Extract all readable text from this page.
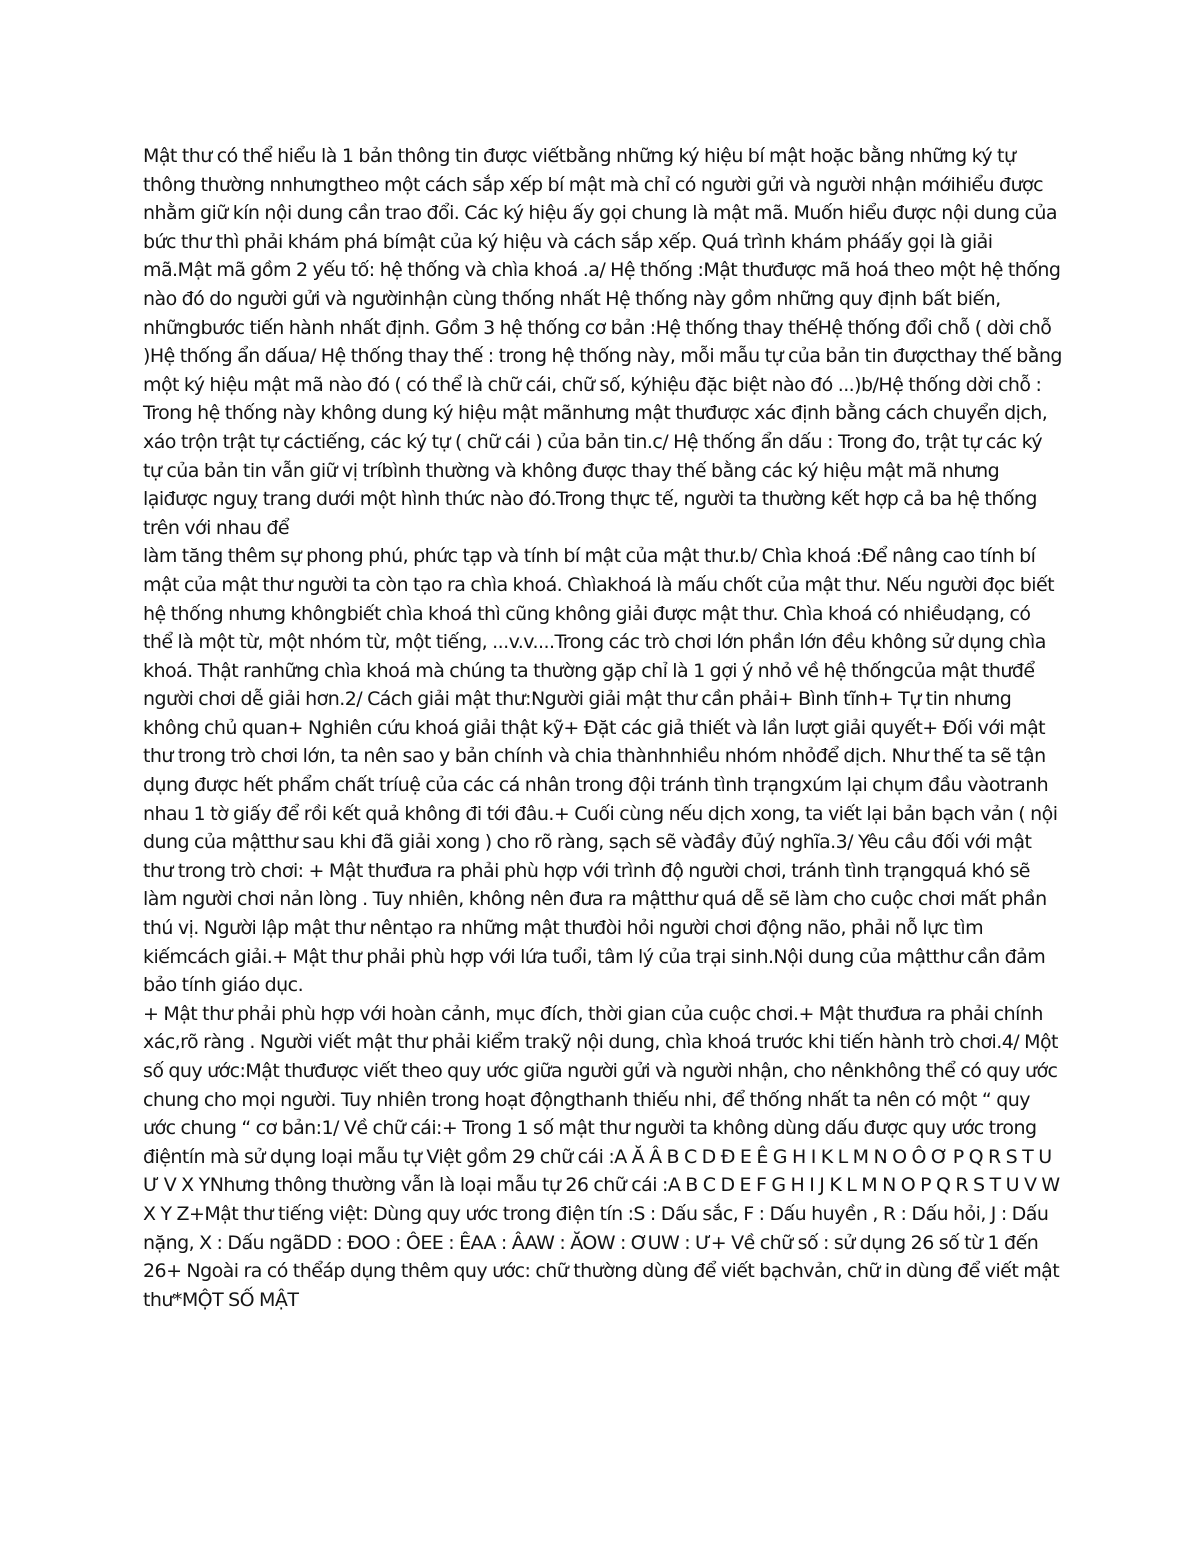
Mật thư có thể hiểu là 1 bản thông tin được viếtbằng những ký hiệu bí mật hoặc bằng những ký tự thông thường nnhưngtheo một cách sắp xếp bí mật mà chỉ có người gửi và người nhận mớihiểu được nhằm giữ kín nội dung cần trao đổi. Các ký hiệu ấy gọi chung là mật mã. Muốn hiểu được nội dung của bức thư thì phải khám phá bímật của ký hiệu và cách sắp xếp. Quá trình khám pháấy gọi là giải mã.Mật mã gồm 2 yếu tố: hệ thống và chìa khoá .a/ Hệ thống :Mật thưđược mã hoá theo một hệ thống nào đó do người gửi và ngườinhận cùng thống nhất Hệ thống này gồm những quy định bất biến, nhữngbước tiến hành nhất định. Gồm 3 hệ thống cơ bản :Hệ thống thay thếHệ thống đổi chỗ ( dời chỗ )Hệ thống ẩn dấua/ Hệ thống thay thế : trong hệ thống này, mỗi mẫu tự của bản tin đượcthay thế bằng một ký hiệu mật mã nào đó ( có thể là chữ cái, chữ số, kýhiệu đặc biệt nào đó ...)b/Hệ thống dời chỗ : Trong hệ thống này không dung ký hiệu mật mãnhưng mật thưđược xác định bằng cách chuyển dịch, xáo trộn trật tự cáctiếng, các ký tự ( chữ cái ) của bản tin.c/ Hệ thống ẩn dấu : Trong đo, trật tự các ký tự của bản tin vẫn giữ vị tríbình thường và không được thay thế bằng các ký hiệu mật mã nhưng lạiđược nguỵ trang dưới một hình thức nào đó.Trong thực tế, người ta thường kết hợp cả ba hệ thống trên với nhau để

làm tăng thêm sự phong phú, phức tạp và tính bí mật của mật thư.b/ Chìa khoá :Để nâng cao tính bí mật của mật thư người ta còn tạo ra chìa khoá. Chìakhoá là mấu chốt của mật thư. Nếu người đọc biết hệ thống nhưng khôngbiết chìa khoá thì cũng không giải được mật thư. Chìa khoá có nhiềudạng, có thể là một từ, một nhóm từ, một tiếng, ...v.v....Trong các trò chơi lớn phần lớn đều không sử dụng chìa khoá. Thật ranhững chìa khoá mà chúng ta thường gặp chỉ là 1 gợi ý nhỏ về hệ thốngcủa mật thưđể người chơi dễ giải hơn.2/ Cách giải mật thư:Người giải mật thư cần phải+ Bình tĩnh+ Tự tin nhưng không chủ quan+ Nghiên cứu khoá giải thật kỹ+ Đặt các giả thiết và lần lượt giải quyết+ Đối với mật thư trong trò chơi lớn, ta nên sao y bản chính và chia thànhnhiều nhóm nhỏđể dịch. Như thế ta sẽ tận dụng được hết phẩm chất tríuệ của các cá nhân trong đội tránh tình trạngxúm lại chụm đầu vàotranh nhau 1 tờ giấy để rồi kết quả không đi tới đâu.+ Cuối cùng nếu dịch xong, ta viết lại bản bạch vản ( nội dung của mậtthư sau khi đã giải xong ) cho rõ ràng, sạch sẽ vàđầy đủý nghĩa.3/ Yêu cầu đối với mật thư trong trò chơi: + Mật thưđưa ra phải phù hợp với trình độ người chơi, tránh tình trạngquá khó sẽ làm người chơi nản lòng . Tuy nhiên, không nên đưa ra mậtthư quá dễ sẽ làm cho cuộc chơi mất phần thú vị. Người lập mật thư nêntạo ra những mật thưđòi hỏi người chơi động não, phải nỗ lực tìm kiếmcách giải.+ Mật thư phải phù hợp với lứa tuổi, tâm lý của trại sinh.Nội dung của mậtthư cần đảm bảo tính giáo dục.

+ Mật thư phải phù hợp với hoàn cảnh, mục đích, thời gian của cuộc chơi.+ Mật thưđưa ra phải chính xác,rõ ràng . Người viết mật thư phải kiểm trakỹ nội dung, chìa khoá trước khi tiến hành trò chơi.4/ Một số quy ước:Mật thưđược viết theo quy ước giữa người gửi và người nhận, cho nênkhông thể có quy ước chung cho mọi người. Tuy nhiên trong hoạt độngthanh thiếu nhi, để thống nhất ta nên có một “ quy ước chung “ cơ bản:1/ Về chữ cái:+ Trong 1 số mật thư người ta không dùng dấu được quy ước trong điệntín mà sử dụng loại mẫu tự Việt gồm 29 chữ cái :A Ă Â B C D Đ E Ê G H I K L M N O Ô Ơ P Q R S T U Ư V X YNhưng thông thường vẫn là loại mẫu tự 26 chữ cái :A B C D E F G H I J K L M N O P Q R S T U V W X Y Z+Mật thư tiếng việt: Dùng quy ước trong điện tín :S : Dấu sắc, F : Dấu huyền , R : Dấu hỏi, J : Dấu nặng, X : Dấu ngãDD : ĐOO : ÔEE : ÊAA : ÂAW : ĂOW : ƠUW : Ư+ Về chữ số : sử dụng 26 số từ 1 đến 26+ Ngoài ra có thểáp dụng thêm quy ước: chữ thường dùng để viết bạchvản, chữ in dùng để viết mật thư*MỘT SỐ MẬT
